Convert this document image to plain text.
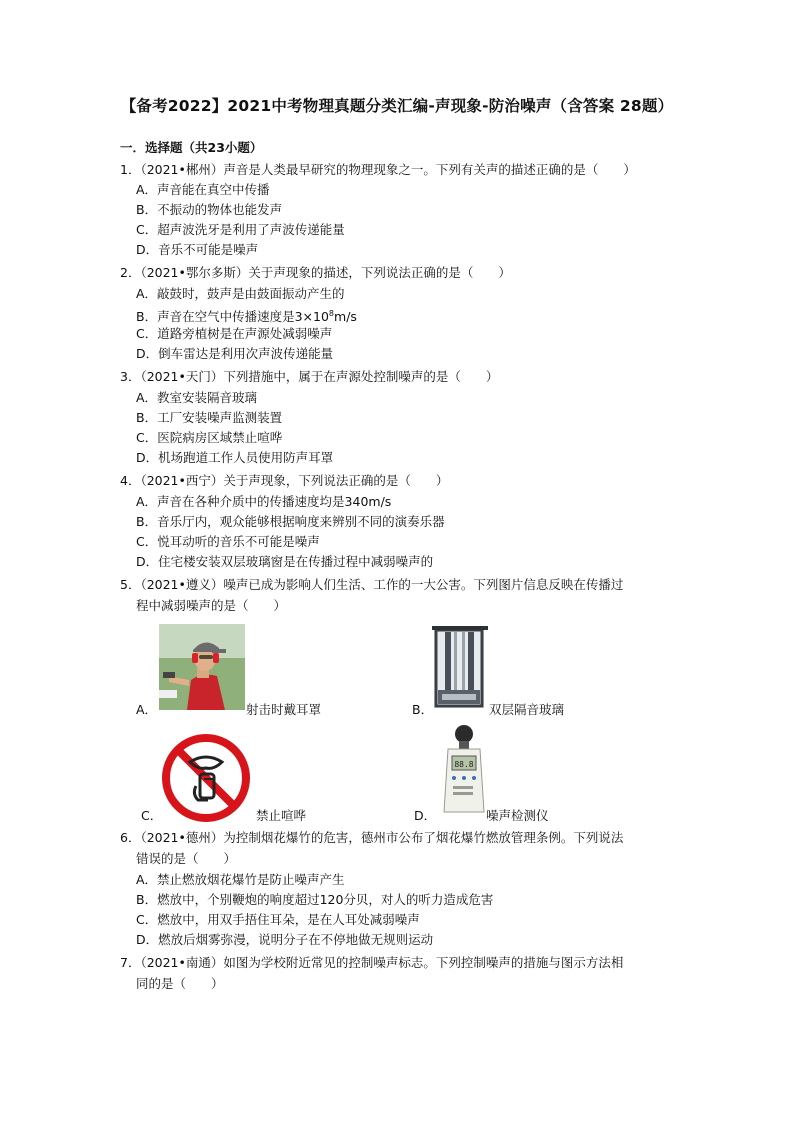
【备考2022】2021中考物理真题分类汇编-声现象-防治噪声（含答案 28题）
一．选择题（共23小题）
1．（2021•郴州）声音是人类最早研究的物理现象之一。下列有关声的描述正确的是（　　）
A．声音能在真空中传播
B．不振动的物体也能发声
C．超声波洗牙是利用了声波传递能量
D．音乐不可能是噪声
2．（2021•鄂尔多斯）关于声现象的描述，下列说法正确的是（　　）
A．敲鼓时，鼓声是由鼓面振动产生的
B．声音在空气中传播速度是$3\times 10^8m/s$
C．道路旁植树是在声源处减弱噪声
D．倒车雷达是利用次声波传递能量
3．（2021•天门）下列措施中，属于在声源处控制噪声的是（　　）
A．教室安装隔音玻璃
B．工厂安装噪声监测装置
C．医院病房区域禁止喧哗
D．机场跑道工作人员使用防声耳罩
4．（2021•西宁）关于声现象，下列说法正确的是（　　）
A．声音在各种介质中的传播速度均是340m/s
B．音乐厅内，观众能够根据响度来辨别不同的演奏乐器
C．悦耳动听的音乐不可能是噪声
D．住宅楼安装双层玻璃窗是在传播过程中减弱噪声的
5．（2021•遵义）噪声已成为影响人们生活、工作的一大公害。下列图片信息反映在传播过
程中减弱噪声的是（　　）
A．	射击时戴耳罩	B．	双层隔音玻璃
C．	禁止喧哗
88.8
D．	噪声检测仪
6．（2021•德州）为控制烟花爆竹的危害，德州市公布了烟花爆竹燃放管理条例。下列说法
错误的是（　　）
A．禁止燃放烟花爆竹是防止噪声产生
B．燃放中，个别鞭炮的响度超过120分贝，对人的听力造成危害
C．燃放中，用双手捂住耳朵，是在人耳处减弱噪声
D．燃放后烟雾弥漫，说明分子在不停地做无规则运动
7．（2021•南通）如图为学校附近常见的控制噪声标志。下列控制噪声的措施与图示方法相
同的是（　　）
